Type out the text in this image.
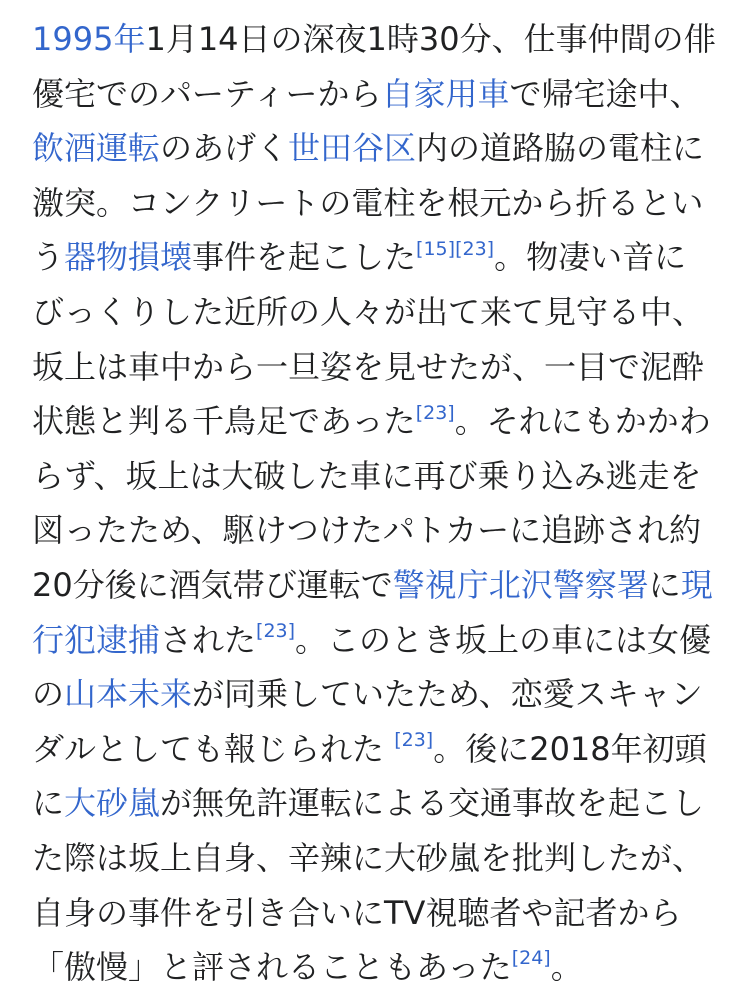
1995年1月14日の深夜1時30分、仕事仲間の俳
優宅でのパーティーから自家用車で帰宅途中、
飲酒運転のあげく世田谷区内の道路脇の電柱に
激突。コンクリートの電柱を根元から折るとい
う器物損壊事件を起こした[15][23]。物凄い音に
びっくりした近所の人々が出て来て見守る中、
坂上は車中から一旦姿を見せたが、一目で泥酔
状態と判る千鳥足であった[23]。それにもかかわ
らず、坂上は大破した車に再び乗り込み逃走を
図ったため、駆けつけたパトカーに追跡され約
20分後に酒気帯び運転で警視庁北沢警察署に現
行犯逮捕された[23]。このとき坂上の車には女優
の山本未来が同乗していたため、恋愛スキャン
ダルとしても報じられた [23]。後に2018年初頭
に大砂嵐が無免許運転による交通事故を起こし
た際は坂上自身、辛辣に大砂嵐を批判したが、
自身の事件を引き合いにTV視聴者や記者から
「傲慢」と評されることもあった[24]。
